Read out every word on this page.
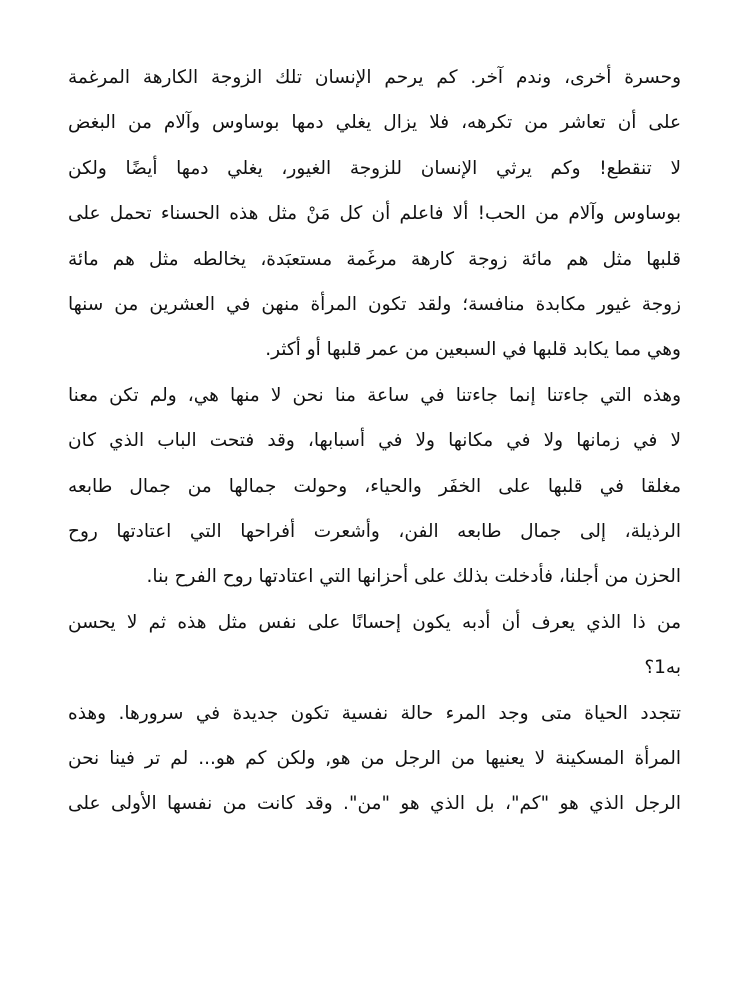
وحسرة أخرى، وندم آخر. كم يرحم الإنسان تلك الزوجة الكارهة المرغمة
على أن تعاشر من تكرهه، فلا يزال يغلي دمها بوساوس وآلام من البغض
لا تنقطع! وكم يرثي الإنسان للزوجة الغيور، يغلي دمها أيضًا ولكن
بوساوس وآلام من الحب! ألا فاعلم أن كل مَنْ مثل هذه الحسناء تحمل على
قلبها مثل هم مائة زوجة كارهة مرغَمة مستعبَدة، يخالطه مثل هم مائة
زوجة غيور مكابدة منافسة؛ ولقد تكون المرأة منهن في العشرين من سنها
وهي مما يكابد قلبها في السبعين من عمر قلبها أو أكثر.
وهذه التي جاءتنا إنما جاءتنا في ساعة منا نحن لا منها هي، ولم تكن معنا
لا في زمانها ولا في مكانها ولا في أسبابها، وقد فتحت الباب الذي كان
مغلقا في قلبها على الخفَر والحياء، وحولت جمالها من جمال طابعه
الرذيلة، إلى جمال طابعه الفن، وأشعرت أفراحها التي اعتادتها روح
الحزن من أجلنا، فأدخلت بذلك على أحزانها التي اعتادتها روح الفرح بنا.
من ذا الذي يعرف أن أدبه يكون إحسانًا على نفس مثل هذه ثم لا يحسن
به1؟
تتجدد الحياة متى وجد المرء حالة نفسية تكون جديدة في سرورها. وهذه
المرأة المسكينة لا يعنيها من الرجل من هو, ولكن كم هو... لم تر فينا نحن
الرجل الذي هو "كم"، بل الذي هو "من". وقد كانت من نفسها الأولى على
